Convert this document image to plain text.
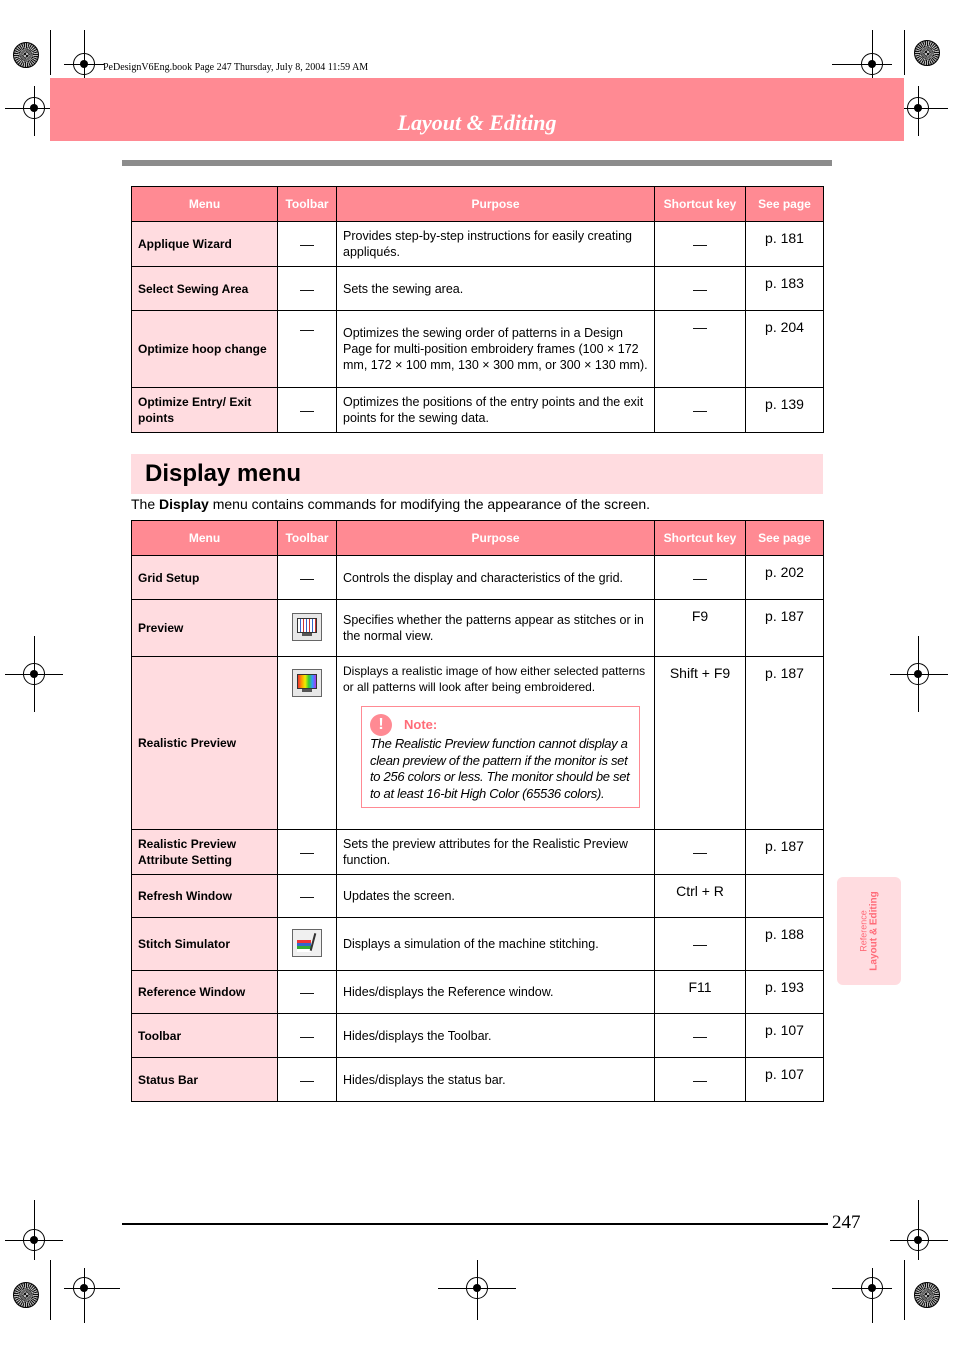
PeDesignV6Eng.book Page 247 Thursday, July 8, 2004 11:59 AM
Layout & Editing
Menu	Toolbar	Purpose	Shortcut key	See page
Applique Wizard	—	Provides step-by-step instructions for easily creating appliqués.	—	p. 181
Select Sewing Area	—	Sets the sewing area.	—	p. 183
Optimize hoop change	—	Optimizes the sewing order of patterns in a Design Page for multi-position embroidery frames (100 × 172 mm, 172 × 100 mm, 130 × 300 mm, or 300 × 130 mm).	—	p. 204
Optimize Entry/ Exit points	—	Optimizes the positions of the entry points and the exit points for the sewing data.	—	p. 139
Display menu
The Display menu contains commands for modifying the appearance of the screen.
Menu	Toolbar	Purpose	Shortcut key	See page
Grid Setup	—	Controls the display and characteristics of the grid.	—	p. 202
Preview		Specifies whether the patterns appear as stitches or in the normal view.	F9	p. 187
Realistic Preview		Displays a realistic image of how either selected patterns or all patterns will look after being embroidered.	Shift + F9	p. 187
Realistic Preview Attribute Setting	—	Sets the preview attributes for the Realistic Preview function.	—	p. 187
Refresh Window	—	Updates the screen.	Ctrl + R	
Stitch Simulator		Displays a simulation of the machine stitching.	—	p. 188
Reference Window	—	Hides/displays the Reference window.	F11	p. 193
Toolbar	—	Hides/displays the Toolbar.	—	p. 107
Status Bar	—	Hides/displays the status bar.	—	p. 107
!	Note:
The Realistic Preview function cannot display a clean preview of the pattern if the monitor is set to 256 colors or less. The monitor should be set to at least 16-bit High Color (65536 colors).
Reference Layout & Editing
247
